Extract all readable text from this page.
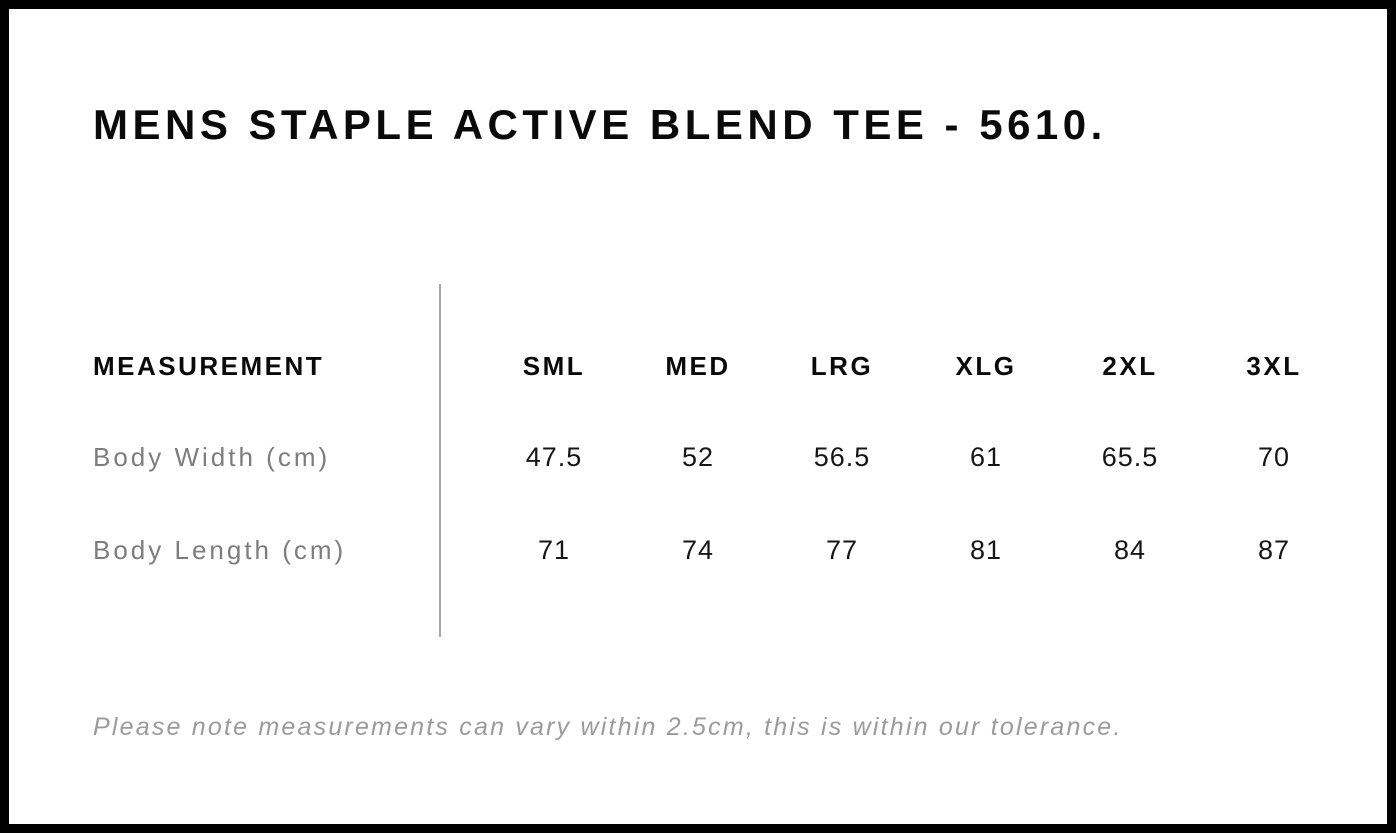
MENS STAPLE ACTIVE BLEND TEE - 5610.
MEASUREMENT	SML	MED	LRG	XLG	2XL	3XL
Body Width (cm)	47.5	52	56.5	61	65.5	70
Body Length (cm)	71	74	77	81	84	87

Please note measurements can vary within 2.5cm, this is within our tolerance.
